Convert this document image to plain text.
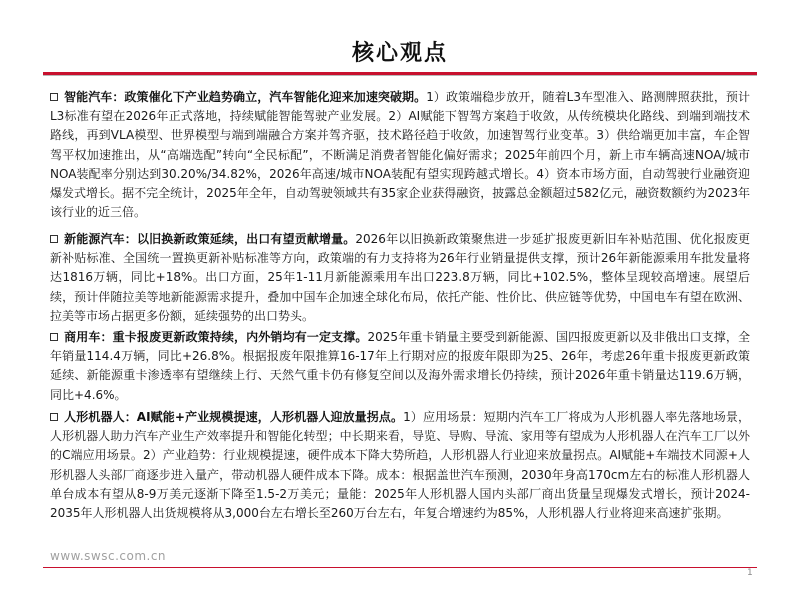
核心观点
智能汽车：政策催化下产业趋势确立，汽车智能化迎来加速突破期。1）政策端稳步放开，随着L3车型准入、路测牌照获批，预计L3标准有望在2026年正式落地，持续赋能智能驾驶产业发展。2）AI赋能下智驾方案趋于收敛，从传统模块化路线、到端到端技术路线，再到VLA模型、世界模型与端到端融合方案并驾齐驱，技术路径趋于收敛，加速智驾行业变革。3）供给端更加丰富，车企智驾平权加速推出，从“高端选配”转向“全民标配”，不断满足消费者智能化偏好需求；2025年前四个月，新上市车辆高速NOA/城市NOA装配率分别达到30.20%/34.82%，2026年高速/城市NOA装配有望实现跨越式增长。4）资本市场方面，自动驾驶行业融资迎爆发式增长。据不完全统计，2025年全年，自动驾驶领域共有35家企业获得融资，披露总金额超过582亿元，融资数额约为2023年该行业的近三倍。
新能源汽车：以旧换新政策延续，出口有望贡献增量。2026年以旧换新政策聚焦进一步延扩报废更新旧车补贴范围、优化报废更新补贴标准、全国统一置换更新补贴标准等方向，政策端的有力支持将为26年行业销量提供支撑，预计26年新能源乘用车批发量将达1816万辆，同比+18%。出口方面，25年1-11月新能源乘用车出口223.8万辆，同比+102.5%，整体呈现较高增速。展望后续，预计伴随拉美等地新能源需求提升，叠加中国车企加速全球化布局，依托产能、性价比、供应链等优势，中国电车有望在欧洲、拉美等市场占据更多份额，延续强势的出口势头。
商用车：重卡报废更新政策持续，内外销均有一定支撑。2025年重卡销量主要受到新能源、国四报废更新以及非俄出口支撑，全年销量114.4万辆，同比+26.8%。根据报废年限推算16-17年上行期对应的报废年限即为25、26年，考虑26年重卡报废更新政策延续、新能源重卡渗透率有望继续上行、天然气重卡仍有修复空间以及海外需求增长仍持续，预计2026年重卡销量达119.6万辆，同比+4.6%。
人形机器人：AI赋能+产业规模提速，人形机器人迎放量拐点。1）应用场景：短期内汽车工厂将成为人形机器人率先落地场景，人形机器人助力汽车产业生产效率提升和智能化转型；中长期来看，导览、导购、导流、家用等有望成为人形机器人在汽车工厂以外的C端应用场景。2）产业趋势：行业规模提速，硬件成本下降大势所趋，人形机器人行业迎来放量拐点。AI赋能+车端技术同源+人形机器人头部厂商逐步进入量产，带动机器人硬件成本下降。成本：根据盖世汽车预测，2030年身高170cm左右的标准人形机器人单台成本有望从8-9万美元逐渐下降至1.5-2万美元；量能：2025年人形机器人国内头部厂商出货量呈现爆发式增长，预计2024-2035年人形机器人出货规模将从3,000台左右增长至260万台左右，年复合增速约为85%，人形机器人行业将迎来高速扩张期。
www.swsc.com.cn
1
